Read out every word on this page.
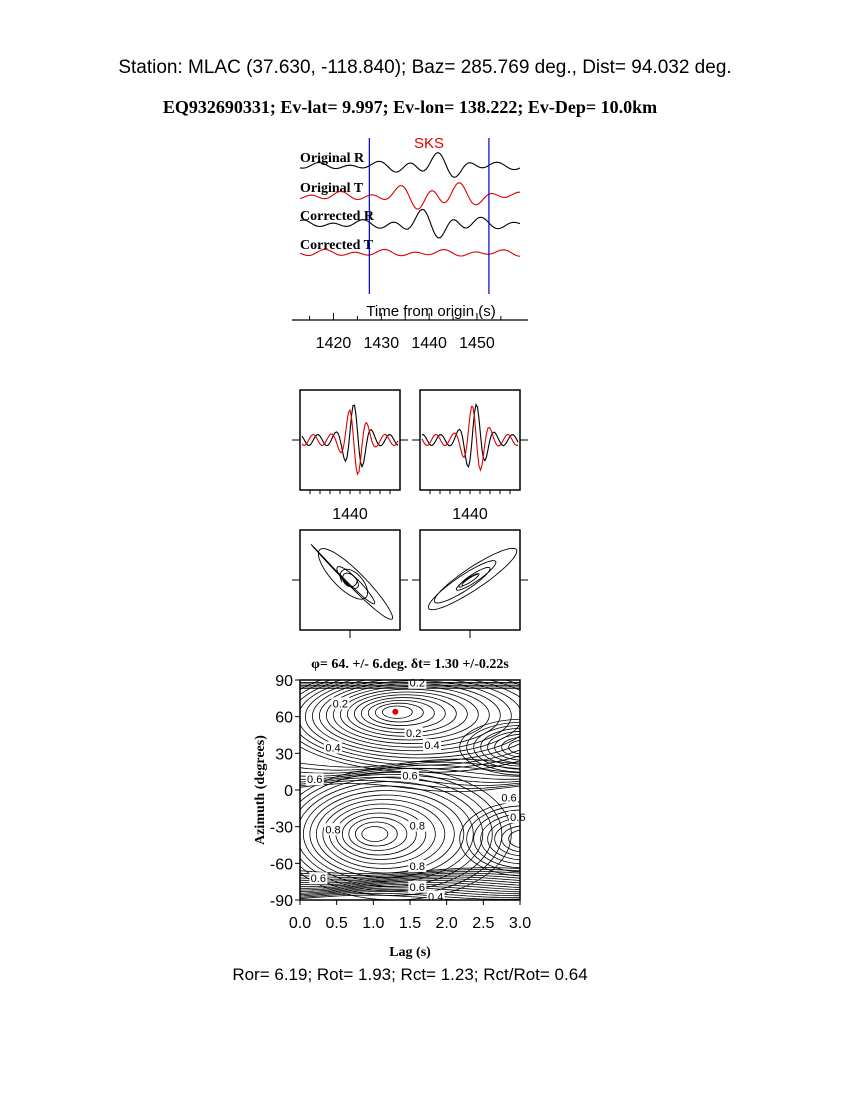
Station: MLAC (37.630, -118.840); Baz= 285.769 deg., Dist= 94.032 deg.
EQ932690331; Ev-lat= 9.997; Ev-lon= 138.222; Ev-Dep= 10.0km
SKS
Original R
Original T
Corrected R
Corrected T
Time from origin (s)
1420 1430 1440 1450
1440	1440
φ= 64. +/- 6.deg. δt= 1.30 +/-0.22s
0.2
0.2
0.2
0.4	0.4
0.6	0.6
0.6
0.6
0.8	0.8
0.8
0.6
0.4
0.6
0.0 0.5 1.0 1.5 2.0 2.5 3.0
90
60
30
0
-30
-60
-90
Lag (s)
Azimuth (degrees)
Ror= 6.19; Rot= 1.93; Rct= 1.23; Rct/Rot= 0.64
